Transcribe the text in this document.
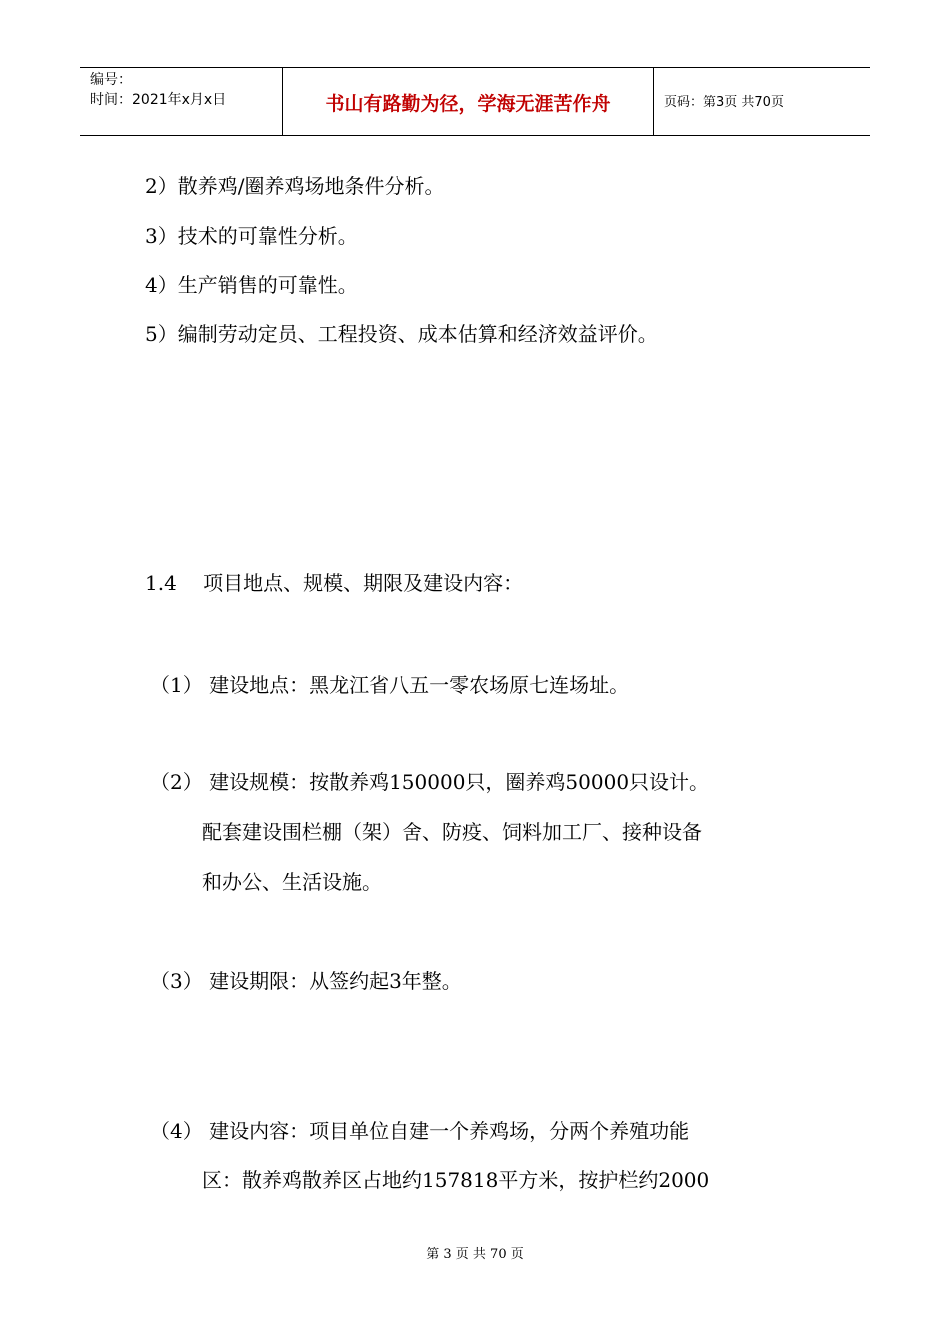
编号：
时间：2021年x月x日	书山有路勤为径，学海无涯苦作舟	页码：第3页 共70页
2）散养鸡/圈养鸡场地条件分析。
3）技术的可靠性分析。
4）生产销售的可靠性。
5）编制劳动定员、工程投资、成本估算和经济效益评价。
1.4　 项目地点、规模、期限及建设内容：
（1） 建设地点：黑龙江省八五一零农场原七连场址。
（2） 建设规模：按散养鸡150000只，圈养鸡50000只设计。
配套建设围栏棚（架）舍、防疫、饲料加工厂、接种设备
和办公、生活设施。
（3） 建设期限：从签约起3年整。
（4） 建设内容：项目单位自建一个养鸡场，分两个养殖功能
区：散养鸡散养区占地约157818平方米，按护栏约2000
第 3 页 共 70 页
